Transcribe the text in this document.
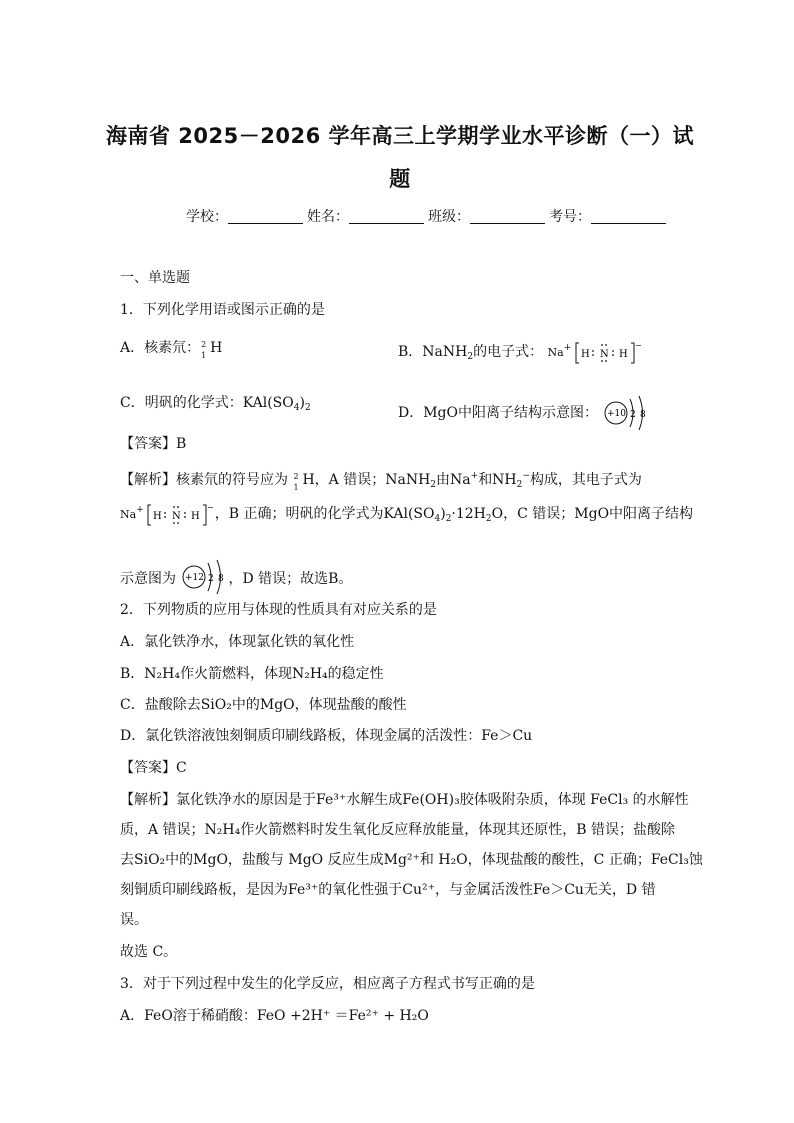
海南省 2025－2026 学年高三上学期学业水平诊断（一）试
题
学校：	姓名：	班级：	考号：
一、单选题
1．下列化学用语或图示正确的是
A．核素氘： 2
1 H	B．NaNH$_2$的电子式： Na+
H N H
−
C．明矾的化学式：$KAl(SO_4)_2$	D．MgO中阳离子结构示意图： +10 2 8
【答案】B
【解析】核素氘的符号应为 2
1 H，A 错误；NaNH$_2$由Na+和$NH_2^-$构成，其电子式为
Na+
H N H
− ，B 正确；明矾的化学式为$KAl(SO_4)_2\cdot 12H_2O$，C 错误；MgO中阳离子结构
示意图为 +12 2 8 ，D 错误；故选B。
2．下列物质的应用与体现的性质具有对应关系的是
A．氯化铁净水，体现氯化铁的氧化性
B．N₂H₄作火箭燃料，体现N₂H₄的稳定性
C．盐酸除去SiO₂中的MgO，体现盐酸的酸性
D．氯化铁溶液蚀刻铜质印刷线路板，体现金属的活泼性：Fe＞Cu
【答案】C
【解析】氯化铁净水的原因是于Fe³⁺水解生成Fe(OH)₃胶体吸附杂质，体现 FeCl₃ 的水解性
质，A 错误；N₂H₄作火箭燃料时发生氧化反应释放能量，体现其还原性，B 错误；盐酸除
去SiO₂中的MgO，盐酸与 MgO 反应生成Mg²⁺和 H₂O，体现盐酸的酸性，C 正确；FeCl₃蚀
刻铜质印刷线路板，是因为Fe³⁺的氧化性强于Cu²⁺，与金属活泼性Fe＞Cu无关，D 错
误。
故选 C。
3．对于下列过程中发生的化学反应，相应离子方程式书写正确的是
A．FeO溶于稀硝酸：FeO +2H⁺ ＝Fe²⁺ + H₂O
